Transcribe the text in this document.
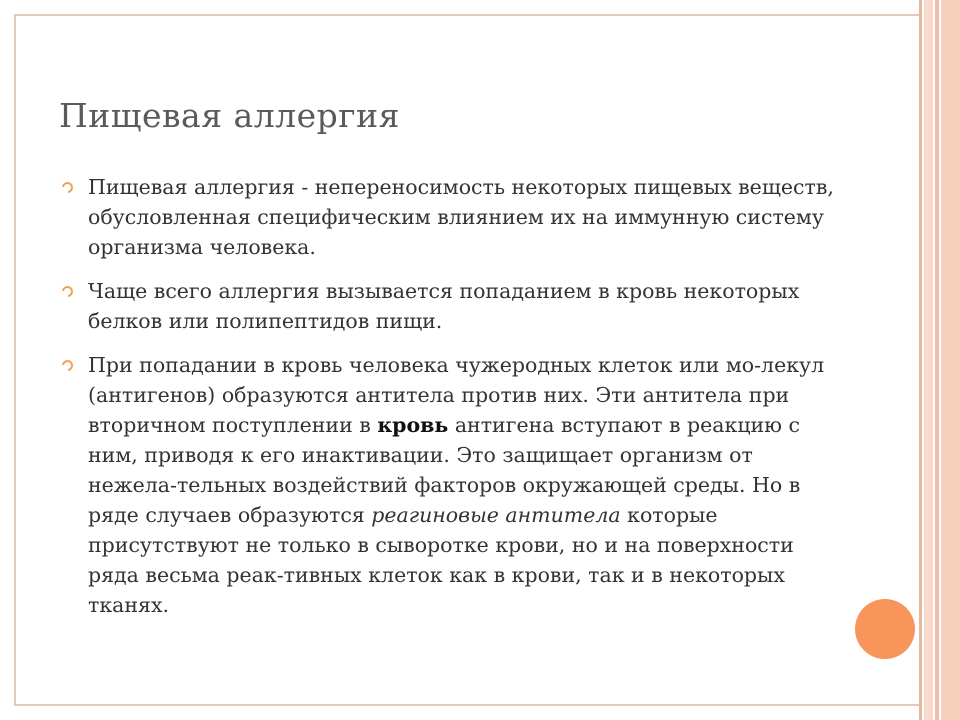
Пищевая аллергия

Пищевая аллергия - непереносимость некоторых пищевых веществ, обусловленная специфическим влиянием их на иммунную систему организма человека.

Чаще всего аллергия вызывается попаданием в кровь некоторых белков или полипептидов пищи.

При попадании в кровь человека чужеродных клеток или мо-лекул (антигенов) образуются антитела против них. Эти антитела при вторичном поступлении в кровь антигена вступают в реакцию с ним, приводя к его инактивации. Это защищает организм от нежела-тельных воздействий факторов окружающей среды. Но в ряде случаев образуются реагиновые антитела которые присутствуют не только в сыворотке крови, но и на поверхности ряда весьма реак-тивных клеток как в крови, так и в некоторых тканях.
